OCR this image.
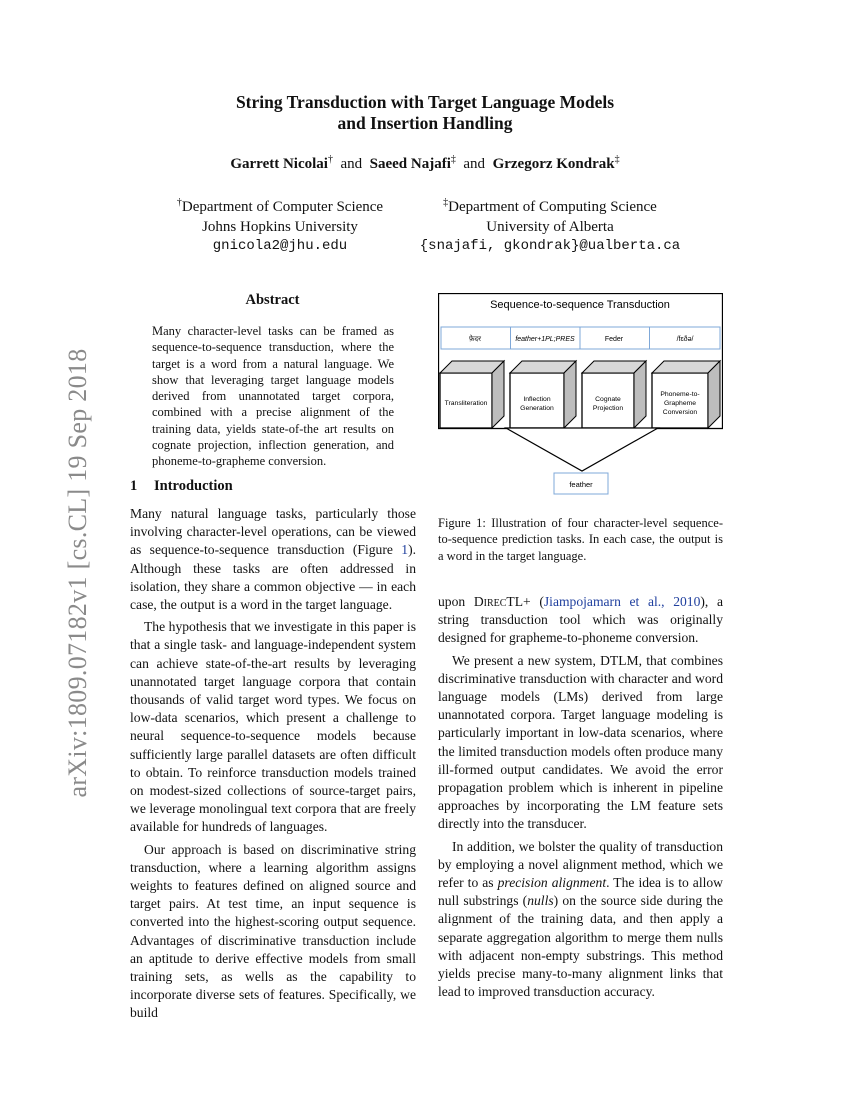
arXiv:1809.07182v1 [cs.CL] 19 Sep 2018
String Transduction with Target Language Models
and Insertion Handling
Garrett Nicolai† and Saeed Najafi‡ and Grzegorz Kondrak‡
†Department of Computer Science
Johns Hopkins University
gnicola2@jhu.edu
‡Department of Computing Science
University of Alberta
{snajafi, gkondrak}@ualberta.ca
Abstract
Many character-level tasks can be framed as sequence-to-sequence transduction, where the target is a word from a natural language. We show that leveraging target language models derived from unannotated target corpora, combined with a precise alignment of the training data, yields state-of-the art results on cognate projection, inflection generation, and phoneme-to-grapheme conversion.
1 Introduction

Many natural language tasks, particularly those involving character-level operations, can be viewed as sequence-to-sequence transduction (Figure 1). Although these tasks are often addressed in isolation, they share a common objective — in each case, the output is a word in the target language.

The hypothesis that we investigate in this paper is that a single task- and language-independent system can achieve state-of-the-art results by leveraging unannotated target language corpora that contain thousands of valid target word types. We focus on low-data scenarios, which present a challenge to neural sequence-to-sequence models because sufficiently large parallel datasets are often difficult to obtain. To reinforce transduction models trained on modest-sized collections of source-target pairs, we leverage monolingual text corpora that are freely available for hundreds of languages.

Our approach is based on discriminative string transduction, where a learning algorithm assigns weights to features defined on aligned source and target pairs. At test time, an input sequence is converted into the highest-scoring output sequence. Advantages of discriminative transduction include an aptitude to derive effective models from small training sets, as wells as the capability to incorporate diverse sets of features. Specifically, we build

Sequence-to-sequence Transduction
फ़ेदर	feather+1PL;PRES	Feder	/fɛðə/
Transliteration
Inflection
Generation
Cognate
Projection
Phoneme-to-
Grapheme
Conversion
feather
Figure 1: Illustration of four character-level sequence-to-sequence prediction tasks. In each case, the output is a word in the target language.

upon DirecTL+ (Jiampojamarn et al., 2010), a string transduction tool which was originally designed for grapheme-to-phoneme conversion.

We present a new system, DTLM, that combines discriminative transduction with character and word language models (LMs) derived from large unannotated corpora. Target language modeling is particularly important in low-data scenarios, where the limited transduction models often produce many ill-formed output candidates. We avoid the error propagation problem which is inherent in pipeline approaches by incorporating the LM feature sets directly into the transducer.

In addition, we bolster the quality of transduction by employing a novel alignment method, which we refer to as precision alignment. The idea is to allow null substrings (nulls) on the source side during the alignment of the training data, and then apply a separate aggregation algorithm to merge them nulls with adjacent non-empty substrings. This method yields precise many-to-many alignment links that lead to improved transduction accuracy.
